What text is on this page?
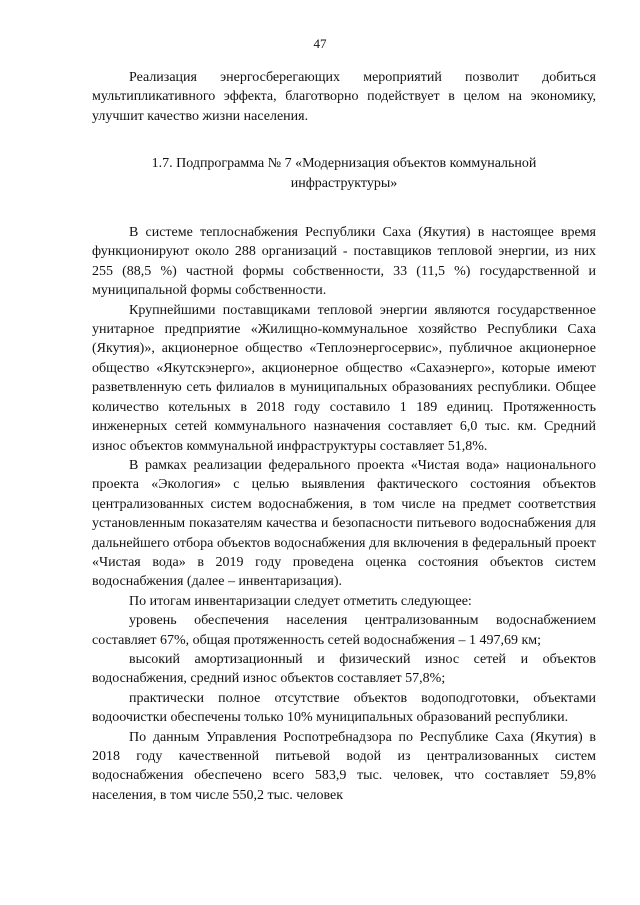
47

Реализация энергосберегающих мероприятий позволит добиться мультипликативного эффекта, благотворно подействует в целом на экономику, улучшит качество жизни населения.

1.7. Подпрограмма № 7 «Модернизация объектов коммунальной инфраструктуры»

В системе теплоснабжения Республики Саха (Якутия) в настоящее время функционируют около 288 организаций - поставщиков тепловой энергии, из них 255 (88,5 %) частной формы собственности, 33 (11,5 %) государственной и муниципальной формы собственности.

Крупнейшими поставщиками тепловой энергии являются государственное унитарное предприятие «Жилищно-коммунальное хозяйство Республики Саха (Якутия)», акционерное общество «Теплоэнергосервис», публичное акционерное общество «Якутскэнерго», акционерное общество «Сахаэнерго», которые имеют разветвленную сеть филиалов в муниципальных образованиях республики. Общее количество котельных в 2018 году составило 1 189 единиц. Протяженность инженерных сетей коммунального назначения составляет 6,0 тыс. км. Средний износ объектов коммунальной инфраструктуры составляет 51,8%.

В рамках реализации федерального проекта «Чистая вода» национального проекта «Экология» с целью выявления фактического состояния объектов централизованных систем водоснабжения, в том числе на предмет соответствия установленным показателям качества и безопасности питьевого водоснабжения для дальнейшего отбора объектов водоснабжения для включения в федеральный проект «Чистая вода» в 2019 году проведена оценка состояния объектов систем водоснабжения (далее – инвентаризация).

По итогам инвентаризации следует отметить следующее:

уровень обеспечения населения централизованным водоснабжением составляет 67%, общая протяженность сетей водоснабжения – 1 497,69 км;

высокий амортизационный и физический износ сетей и объектов водоснабжения, средний износ объектов составляет 57,8%;

практически полное отсутствие объектов водоподготовки, объектами водоочистки обеспечены только 10% муниципальных образований республики.

По данным Управления Роспотребнадзора по Республике Саха (Якутия) в 2018 году качественной питьевой водой из централизованных систем водоснабжения обеспечено всего 583,9 тыс. человек, что составляет 59,8% населения, в том числе 550,2 тыс. человек
